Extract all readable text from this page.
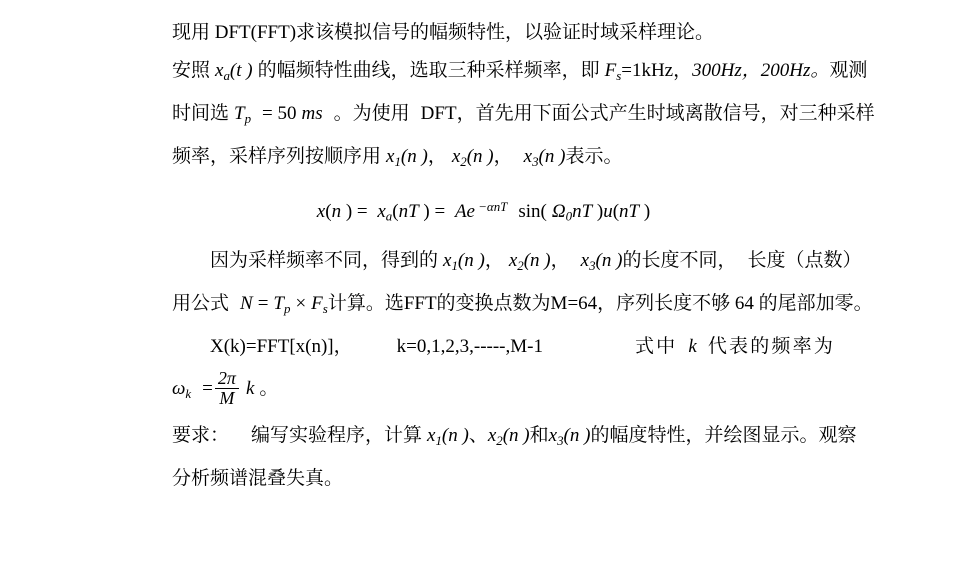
现用 DFT(FFT)求该模拟信号的幅频特性，以验证时域采样理论。
安照 $x_a(t$ ) 的幅频特性曲线，选取三种采样频率，即 $F_s=1kHz$，300Hz，200Hz。观测
时间选 $T_p = 50$ ms 。为使用 DFT，首先用下面公式产生时域离散信号，对三种采样
频率，采样序列按顺序用 $x_1(n$ )， $x_2(n$ )， $x_3(n$ )表示。
x(n ) = $x_a(nT$ ) = Ae $^{-\alpha nT}$ sin( $\Omega_0nT$ )u(nT )
因为采样频率不同，得到的 $x_1(n$ )， $x_2(n$ )， $x_3(n$ )的长度不同， 长度（点数）
用公式 $N = T_p \times F_s$计算。选FFT的变换点数为M=64，序列长度不够 64 的尾部加零。
X(k)=FFT[x(n)]， k=0,1,2,3,-----,M-1	式中 k 代表的频率为
$\omega_k = \frac{2\pi}{M}$ k 。
要求： 编写实验程序，计算 $x_1(n$ )、$x_2(n$ )和$x_3(n$ )的幅度特性，并绘图显示。观察
分析频谱混叠失真。
